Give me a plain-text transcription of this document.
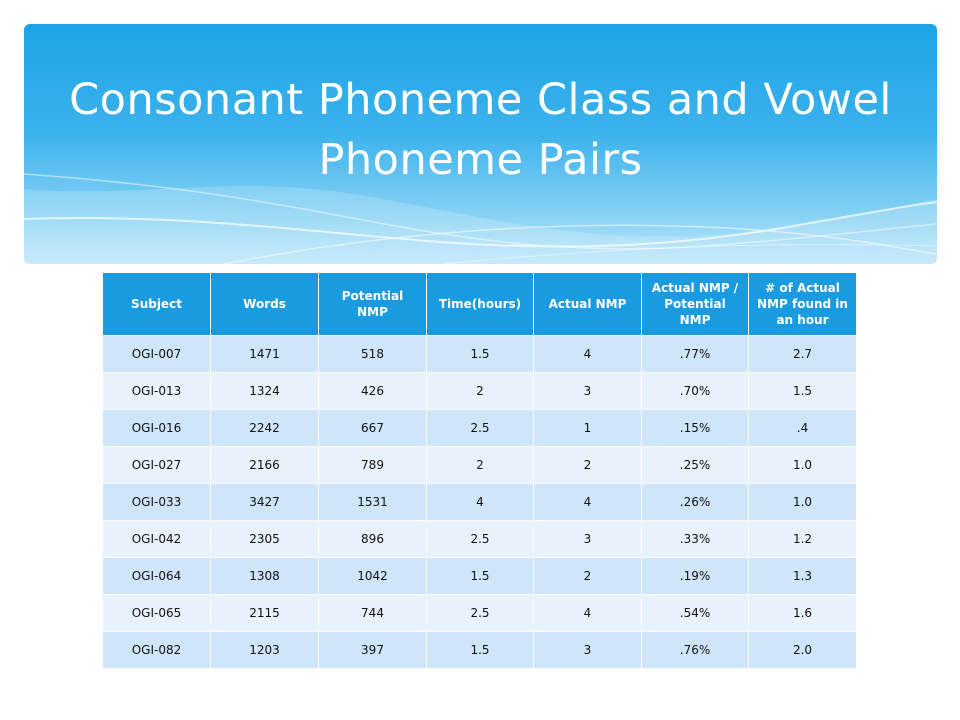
Consonant Phoneme Class and Vowel
Phoneme Pairs
Subject	Words	Potential NMP	Time(hours)	Actual NMP	Actual NMP / Potential NMP	# of Actual NMP found in an hour
OGI-007	1471	518	1.5	4	.77%	2.7
OGI-013	1324	426	2	3	.70%	1.5
OGI-016	2242	667	2.5	1	.15%	.4
OGI-027	2166	789	2	2	.25%	1.0
OGI-033	3427	1531	4	4	.26%	1.0
OGI-042	2305	896	2.5	3	.33%	1.2
OGI-064	1308	1042	1.5	2	.19%	1.3
OGI-065	2115	744	2.5	4	.54%	1.6
OGI-082	1203	397	1.5	3	.76%	2.0
